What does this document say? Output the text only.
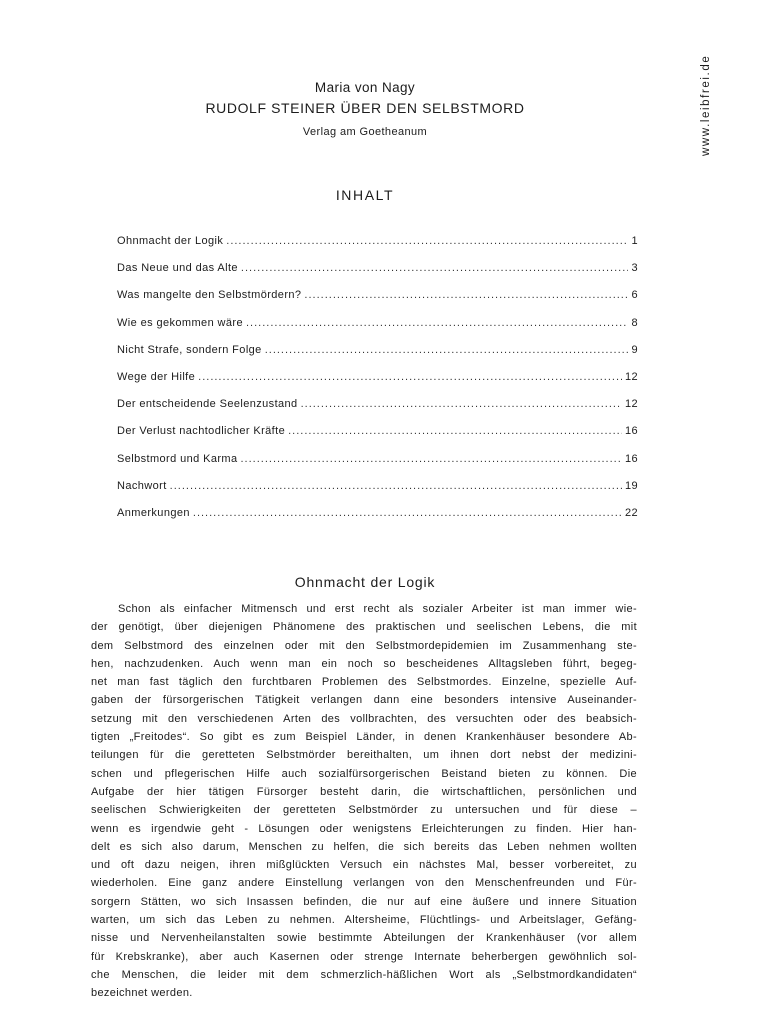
www.leibfrei.de
Maria von Nagy
RUDOLF STEINER ÜBER DEN SELBSTMORD
Verlag am Goetheanum
INHALT
Ohnmacht der Logik .....	1
Das Neue und das Alte .....	3
Was mangelte den Selbstmördern? .....	6
Wie es gekommen wäre .....	8
Nicht Strafe, sondern Folge .....	9
Wege der Hilfe .....	12
Der entscheidende Seelenzustand .....	12
Der Verlust nachtodlicher Kräfte .....	16
Selbstmord und Karma .....	16
Nachwort .....	19
Anmerkungen .....	22
Ohnmacht der Logik
Schon als einfacher Mitmensch und erst recht als sozialer Arbeiter ist man immer wie-
der genötigt, über diejenigen Phänomene des praktischen und seelischen Lebens, die mit
dem Selbstmord des einzelnen oder mit den Selbstmordepidemien im Zusammenhang ste-
hen, nachzudenken. Auch wenn man ein noch so bescheidenes Alltagsleben führt, begeg-
net man fast täglich den furchtbaren Problemen des Selbstmordes. Einzelne, spezielle Auf-
gaben der fürsorgerischen Tätigkeit verlangen dann eine besonders intensive Auseinander-
setzung mit den verschiedenen Arten des vollbrachten, des versuchten oder des beabsich-
tigten „Freitodes“. So gibt es zum Beispiel Länder, in denen Krankenhäuser besondere Ab-
teilungen für die geretteten Selbstmörder bereithalten, um ihnen dort nebst der medizini-
schen und pflegerischen Hilfe auch sozialfürsorgerischen Beistand bieten zu können. Die
Aufgabe der hier tätigen Fürsorger besteht darin, die wirtschaftlichen, persönlichen und
seelischen Schwierigkeiten der geretteten Selbstmörder zu untersuchen und für diese –
wenn es irgendwie geht - Lösungen oder wenigstens Erleichterungen zu finden. Hier han-
delt es sich also darum, Menschen zu helfen, die sich bereits das Leben nehmen wollten
und oft dazu neigen, ihren mißglückten Versuch ein nächstes Mal, besser vorbereitet, zu
wiederholen. Eine ganz andere Einstellung verlangen von den Menschenfreunden und Für-
sorgern Stätten, wo sich Insassen befinden, die nur auf eine äußere und innere Situation
warten, um sich das Leben zu nehmen. Altersheime, Flüchtlings- und Arbeitslager, Gefäng-
nisse und Nervenheilanstalten sowie bestimmte Abteilungen der Krankenhäuser (vor allem
für Krebskranke), aber auch Kasernen oder strenge Internate beherbergen gewöhnlich sol-
che Menschen, die leider mit dem schmerzlich-häßlichen Wort als „Selbstmordkandidaten“
bezeichnet werden.
